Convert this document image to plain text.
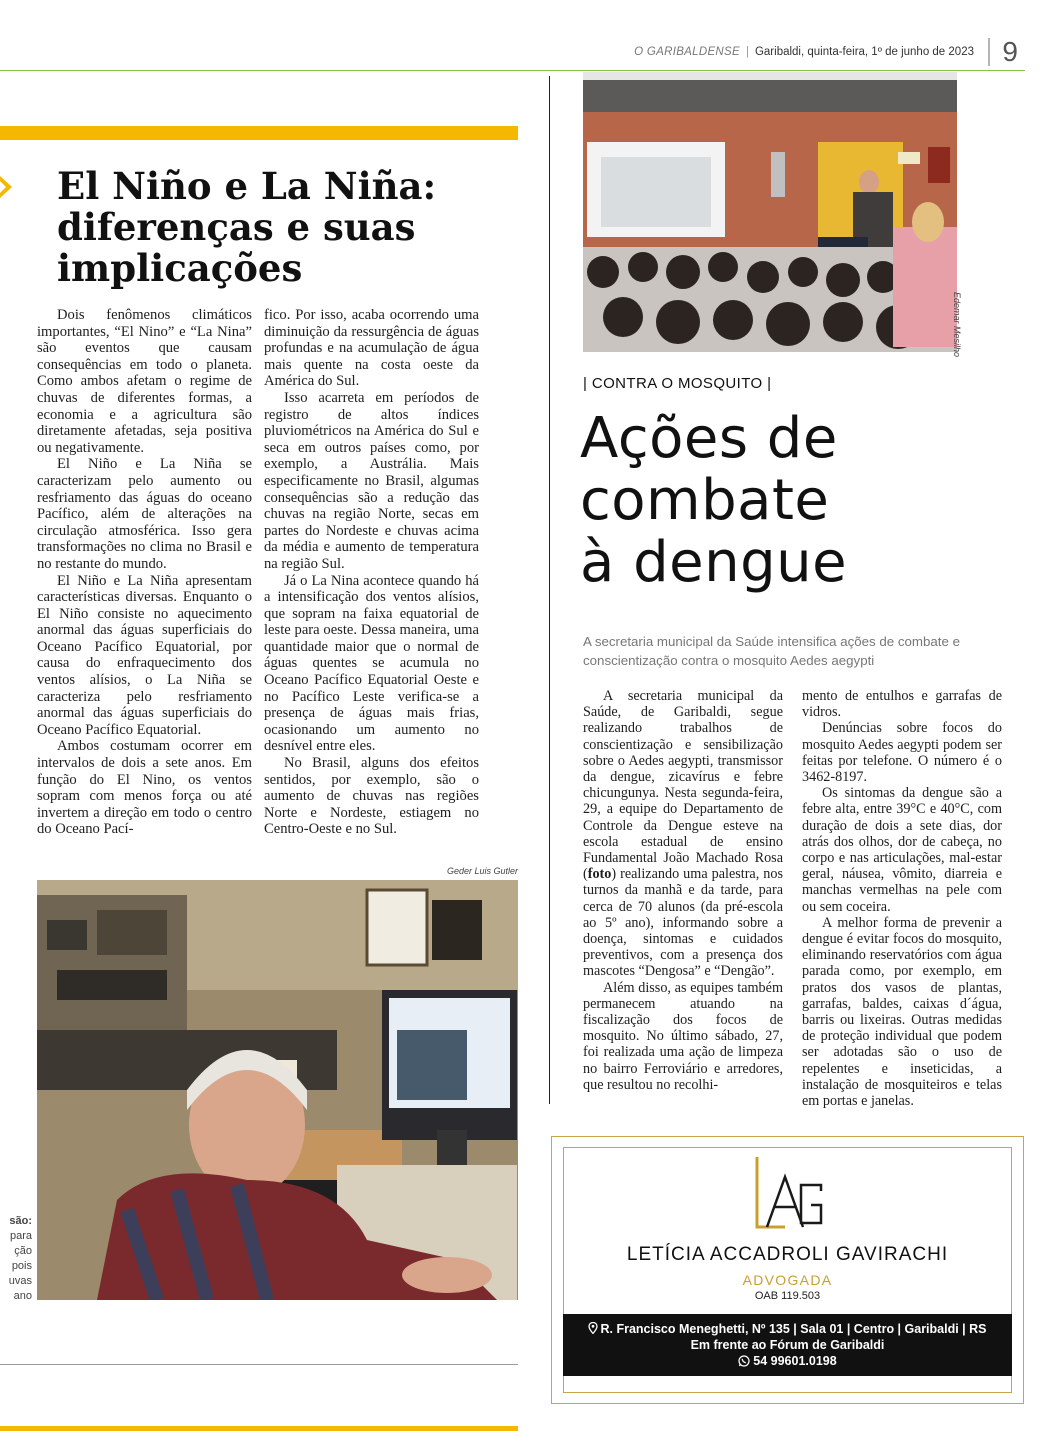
O GARIBALDENSE | Garibaldi, quinta-feira, 1º de junho de 2023 9
El Niño e La Niña: diferenças e suas implicações

Dois fenômenos climáticos importantes, “El Nino” e “La Nina” são eventos que causam consequências em todo o planeta. Como ambos afetam o regime de chuvas de diferentes formas, a economia e a agricultura são diretamente afetadas, seja positiva ou negativamente.

El Niño e La Niña se caracterizam pelo aumento ou resfriamento das águas do oceano Pacífico, além de alterações na circulação atmosférica. Isso gera transformações no clima no Brasil e no restante do mundo.

El Niño e La Niña apresentam características diversas. Enquanto o El Niño consiste no aquecimento anormal das águas superficiais do Oceano Pacífico Equatorial, por causa do enfraquecimento dos ventos alísios, o La Niña se caracteriza pelo resfriamento anormal das águas superficiais do Oceano Pacífico Equatorial.

Ambos costumam ocorrer em intervalos de dois a sete anos. Em função do El Nino, os ventos sopram com menos força ou até invertem a direção em todo o centro do Oceano Pací-

fico. Por isso, acaba ocorrendo uma diminuição da ressurgência de águas profundas e na acumulação de água mais quente na costa oeste da América do Sul.

Isso acarreta em períodos de registro de altos índices pluviométricos na América do Sul e seca em outros países como, por exemplo, a Austrália. Mais especificamente no Brasil, algumas consequências são a redução das chuvas na região Norte, secas em partes do Nordeste e chuvas acima da média e aumento de temperatura na região Sul.

Já o La Nina acontece quando há a intensificação dos ventos alísios, que sopram na faixa equatorial de leste para oeste. Dessa maneira, uma quantidade maior que o normal de águas quentes se acumula no Oceano Pacífico Equatorial Oeste e no Pacífico Leste verifica-se a presença de águas mais frias, ocasionando um aumento no desnível entre eles.

No Brasil, alguns dos efeitos sentidos, por exemplo, são o aumento de chuvas nas regiões Norte e Nordeste, estiagem no Centro-Oeste e no Sul.

Geder Luis Gutler
são:
para
ção
pois
uvas
ano
Edemar Mesilho
| CONTRA O MOSQUITO |
Ações de
combate
à dengue
A secretaria municipal da Saúde intensifica ações de combate e conscientização contra o mosquito Aedes aegypti

A secretaria municipal da Saúde, de Garibaldi, segue realizando trabalhos de conscientização e sensibilização sobre o Aedes aegypti, transmissor da dengue, zicavírus e febre chicungunya. Nesta segunda-feira, 29, a equipe do Departamento de Controle da Dengue esteve na escola estadual de ensino Fundamental João Machado Rosa (foto) realizando uma palestra, nos turnos da manhã e da tarde, para cerca de 70 alunos (da pré-escola ao 5º ano), informando sobre a doença, sintomas e cuidados preventivos, com a presença dos mascotes “Dengosa” e “Dengão”.

Além disso, as equipes também permanecem atuando na fiscalização dos focos de mosquito. No último sábado, 27, foi realizada uma ação de limpeza no bairro Ferroviário e arredores, que resultou no recolhi-

mento de entulhos e garrafas de vidros.

Denúncias sobre focos do mosquito Aedes aegypti podem ser feitas por telefone. O número é o 3462-8197.

Os sintomas da dengue são a febre alta, entre 39°C e 40°C, com duração de dois a sete dias, dor atrás dos olhos, dor de cabeça, no corpo e nas articulações, mal-estar geral, náusea, vômito, diarreia e manchas vermelhas na pele com ou sem coceira.

A melhor forma de prevenir a dengue é evitar focos do mosquito, eliminando reservatórios com água parada como, por exemplo, em pratos dos vasos de plantas, garrafas, baldes, caixas d´água, barris ou lixeiras. Outras medidas de proteção individual que podem ser adotadas são o uso de repelentes e inseticidas, a instalação de mosquiteiros e telas em portas e janelas.

LETÍCIA ACCADROLI GAVIRACHI
ADVOGADA
OAB 119.503
R. Francisco Meneghetti, Nº 135 | Sala 01 | Centro | Garibaldi | RS
Em frente ao Fórum de Garibaldi
54 99601.0198
